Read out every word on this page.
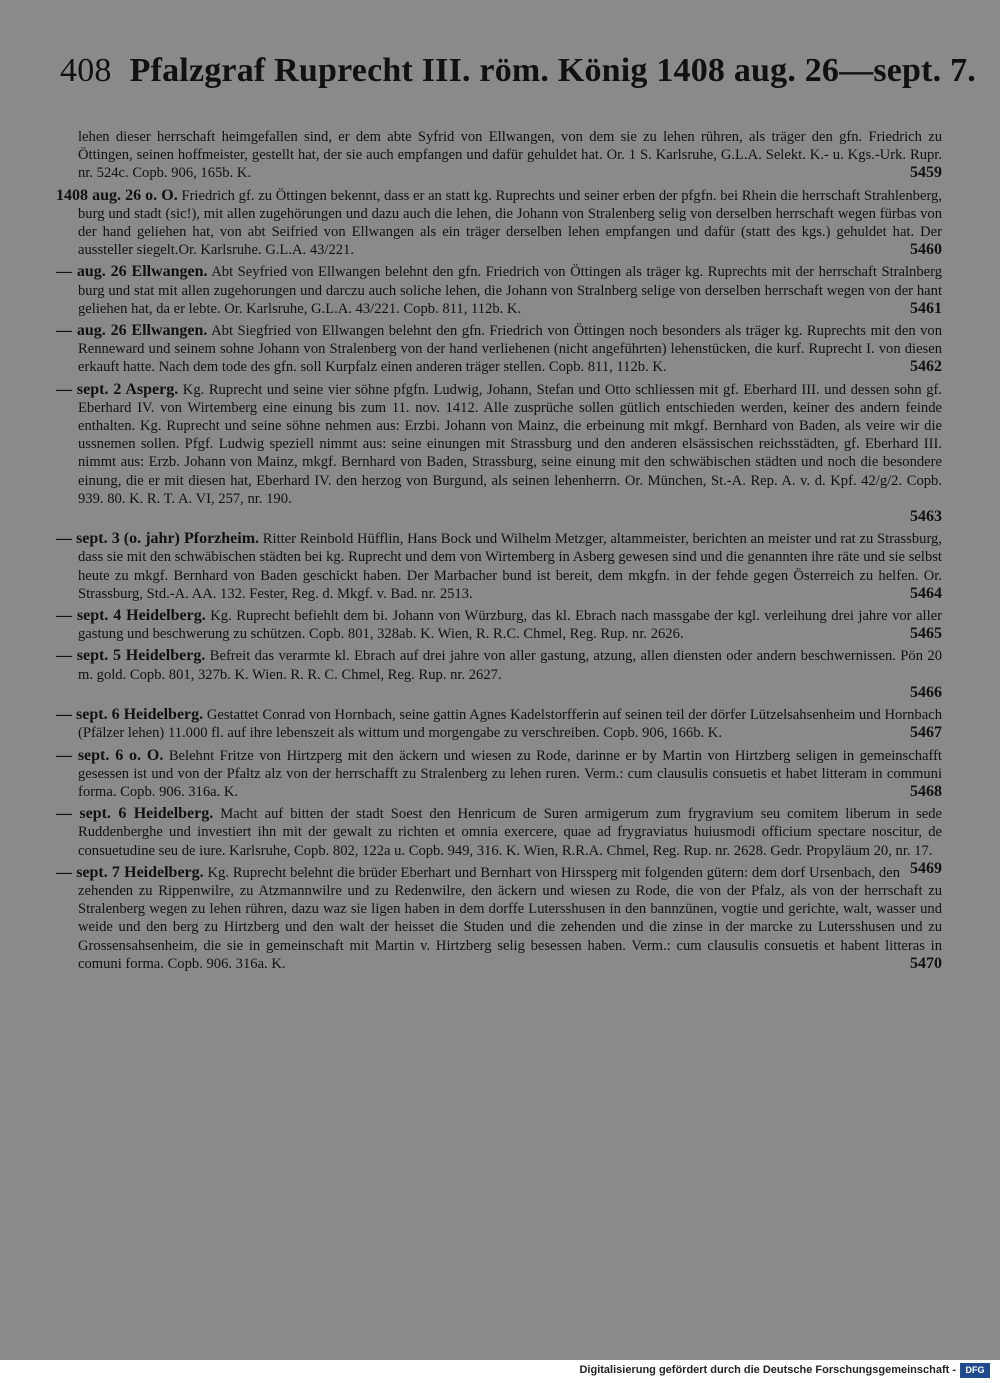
408 Pfalzgraf Ruprecht III. röm. König 1408 aug. 26—sept. 7.
lehen dieser herrschaft heimgefallen sind, er dem abte Syfrid von Ellwangen, von dem sie zu lehen rühren, als träger den gfn. Friedrich zu Öttingen, seinen hoffmeister, gestellt hat, der sie auch empfangen und dafür gehuldet hat. Or. 1 S. Karlsruhe, G.L.A. Selekt. K.- u. Kgs.-Urk. Rupr. nr. 524c. Copb. 906, 165b. K.	5459
1408 aug. 26 o. O. Friedrich gf. zu Öttingen bekennt, dass er an statt kg. Ruprechts und seiner erben der pfgfn. bei Rhein die herrschaft Strahlenberg, burg und stadt (sic!), mit allen zugehörungen und dazu auch die lehen, die Johann von Stralenberg selig von derselben herrschaft wegen fürbas von der hand geliehen hat, von abt Seifried von Ellwangen als ein träger derselben lehen empfangen und dafür (statt des kgs.) gehuldet hat. Der aussteller siegelt.Or. Karlsruhe. G.L.A. 43/221.	5460
— aug. 26 Ellwangen. Abt Seyfried von Ellwangen belehnt den gfn. Friedrich von Öttingen als träger kg. Ruprechts mit der herrschaft Stralnberg burg und stat mit allen zugehorungen und darczu auch soliche lehen, die Johann von Stralnberg selige von derselben herrschaft wegen von der hant geliehen hat, da er lebte. Or. Karlsruhe, G.L.A. 43/221. Copb. 811, 112b. K.	5461
— aug. 26 Ellwangen. Abt Siegfried von Ellwangen belehnt den gfn. Friedrich von Öttingen noch besonders als träger kg. Ruprechts mit den von Renneward und seinem sohne Johann von Stralenberg von der hand verliehenen (nicht angeführten) lehenstücken, die kurf. Ruprecht I. von diesen erkauft hatte. Nach dem tode des gfn. soll Kurpfalz einen anderen träger stellen. Copb. 811, 112b. K.	5462
— sept. 2 Asperg. Kg. Ruprecht und seine vier söhne pfgfn. Ludwig, Johann, Stefan und Otto schliessen mit gf. Eberhard III. und dessen sohn gf. Eberhard IV. von Wirtemberg eine einung bis zum 11. nov. 1412. Alle zusprüche sollen gütlich entschieden werden, keiner des andern feinde enthalten. Kg. Ruprecht und seine söhne nehmen aus: Erzbi. Johann von Mainz, die erbeinung mit mkgf. Bernhard von Baden, als veire wir die ussnemen sollen. Pfgf. Ludwig speziell nimmt aus: seine einungen mit Strassburg und den anderen elsässischen reichsstädten, gf. Eberhard III. nimmt aus: Erzb. Johann von Mainz, mkgf. Bernhard von Baden, Strassburg, seine einung mit den schwäbischen städten und noch die besondere einung, die er mit diesen hat, Eberhard IV. den herzog von Burgund, als seinen lehenherrn. Or. München, St.-A. Rep. A. v. d. Kpf. 42/g/2. Copb. 939. 80. K. R. T. A. VI, 257, nr. 190.
5463
— sept. 3 (o. jahr) Pforzheim. Ritter Reinbold Hüfflin, Hans Bock und Wilhelm Metzger, altammeister, berichten an meister und rat zu Strassburg, dass sie mit den schwäbischen städten bei kg. Ruprecht und dem von Wirtemberg in Asberg gewesen sind und die genannten ihre räte und sie selbst heute zu mkgf. Bernhard von Baden geschickt haben. Der Marbacher bund ist bereit, dem mkgfn. in der fehde gegen Österreich zu helfen. Or. Strassburg, Std.-A. AA. 132. Fester, Reg. d. Mkgf. v. Bad. nr. 2513.	5464
— sept. 4 Heidelberg. Kg. Ruprecht befiehlt dem bi. Johann von Würzburg, das kl. Ebrach nach massgabe der kgl. verleihung drei jahre vor aller gastung und beschwerung zu schützen. Copb. 801, 328ab. K. Wien, R. R.C. Chmel, Reg. Rup. nr. 2626.	5465
— sept. 5 Heidelberg. Befreit das verarmte kl. Ebrach auf drei jahre von aller gastung, atzung, allen diensten oder andern beschwernissen. Pön 20 m. gold. Copb. 801, 327b. K. Wien. R. R. C. Chmel, Reg. Rup. nr. 2627.
5466
— sept. 6 Heidelberg. Gestattet Conrad von Hornbach, seine gattin Agnes Kadelstorfferin auf seinen teil der dörfer Lützelsahsenheim und Hornbach (Pfälzer lehen) 11.000 fl. auf ihre lebenszeit als wittum und morgengabe zu verschreiben. Copb. 906, 166b. K.	5467
— sept. 6 o. O. Belehnt Fritze von Hirtzperg mit den äckern und wiesen zu Rode, darinne er by Martin von Hirtzberg seligen in gemeinschafft gesessen ist und von der Pfaltz alz von der herrschafft zu Stralenberg zu lehen ruren. Verm.: cum clausulis consuetis et habet litteram in communi forma. Copb. 906. 316a. K.	5468
— sept. 6 Heidelberg. Macht auf bitten der stadt Soest den Henricum de Suren armigerum zum frygravium seu comitem liberum in sede Ruddenberghe und investiert ihn mit der gewalt zu richten et omnia exercere, quae ad frygraviatus huiusmodi officium spectare noscitur, de consuetudine seu de iure. Karlsruhe, Copb. 802, 122a u. Copb. 949, 316. K. Wien, R.R.A. Chmel, Reg. Rup. nr. 2628. Gedr. Propyläum 20, nr. 17.
5469
— sept. 7 Heidelberg. Kg. Ruprecht belehnt die brüder Eberhart und Bernhart von Hirssperg mit folgenden gütern: dem dorf Ursenbach, den zehenden zu Rippenwilre, zu Atzmannwilre und zu Redenwilre, den äckern und wiesen zu Rode, die von der Pfalz, als von der herrschaft zu Stralenberg wegen zu lehen rühren, dazu waz sie ligen haben in dem dorffe Lutersshusen in den bannzünen, vogtie und gerichte, walt, wasser und weide und den berg zu Hirtzberg und den walt der heisset die Studen und die zehenden und die zinse in der marcke zu Lutersshusen und zu Grossensahsenheim, die sie in gemeinschaft mit Martin v. Hirtzberg selig besessen haben. Verm.: cum clausulis consuetis et habent litteras in comuni forma. Copb. 906. 316a. K.	5470
Digitalisierung gefördert durch die Deutsche Forschungsgemeinschaft -	DFG
